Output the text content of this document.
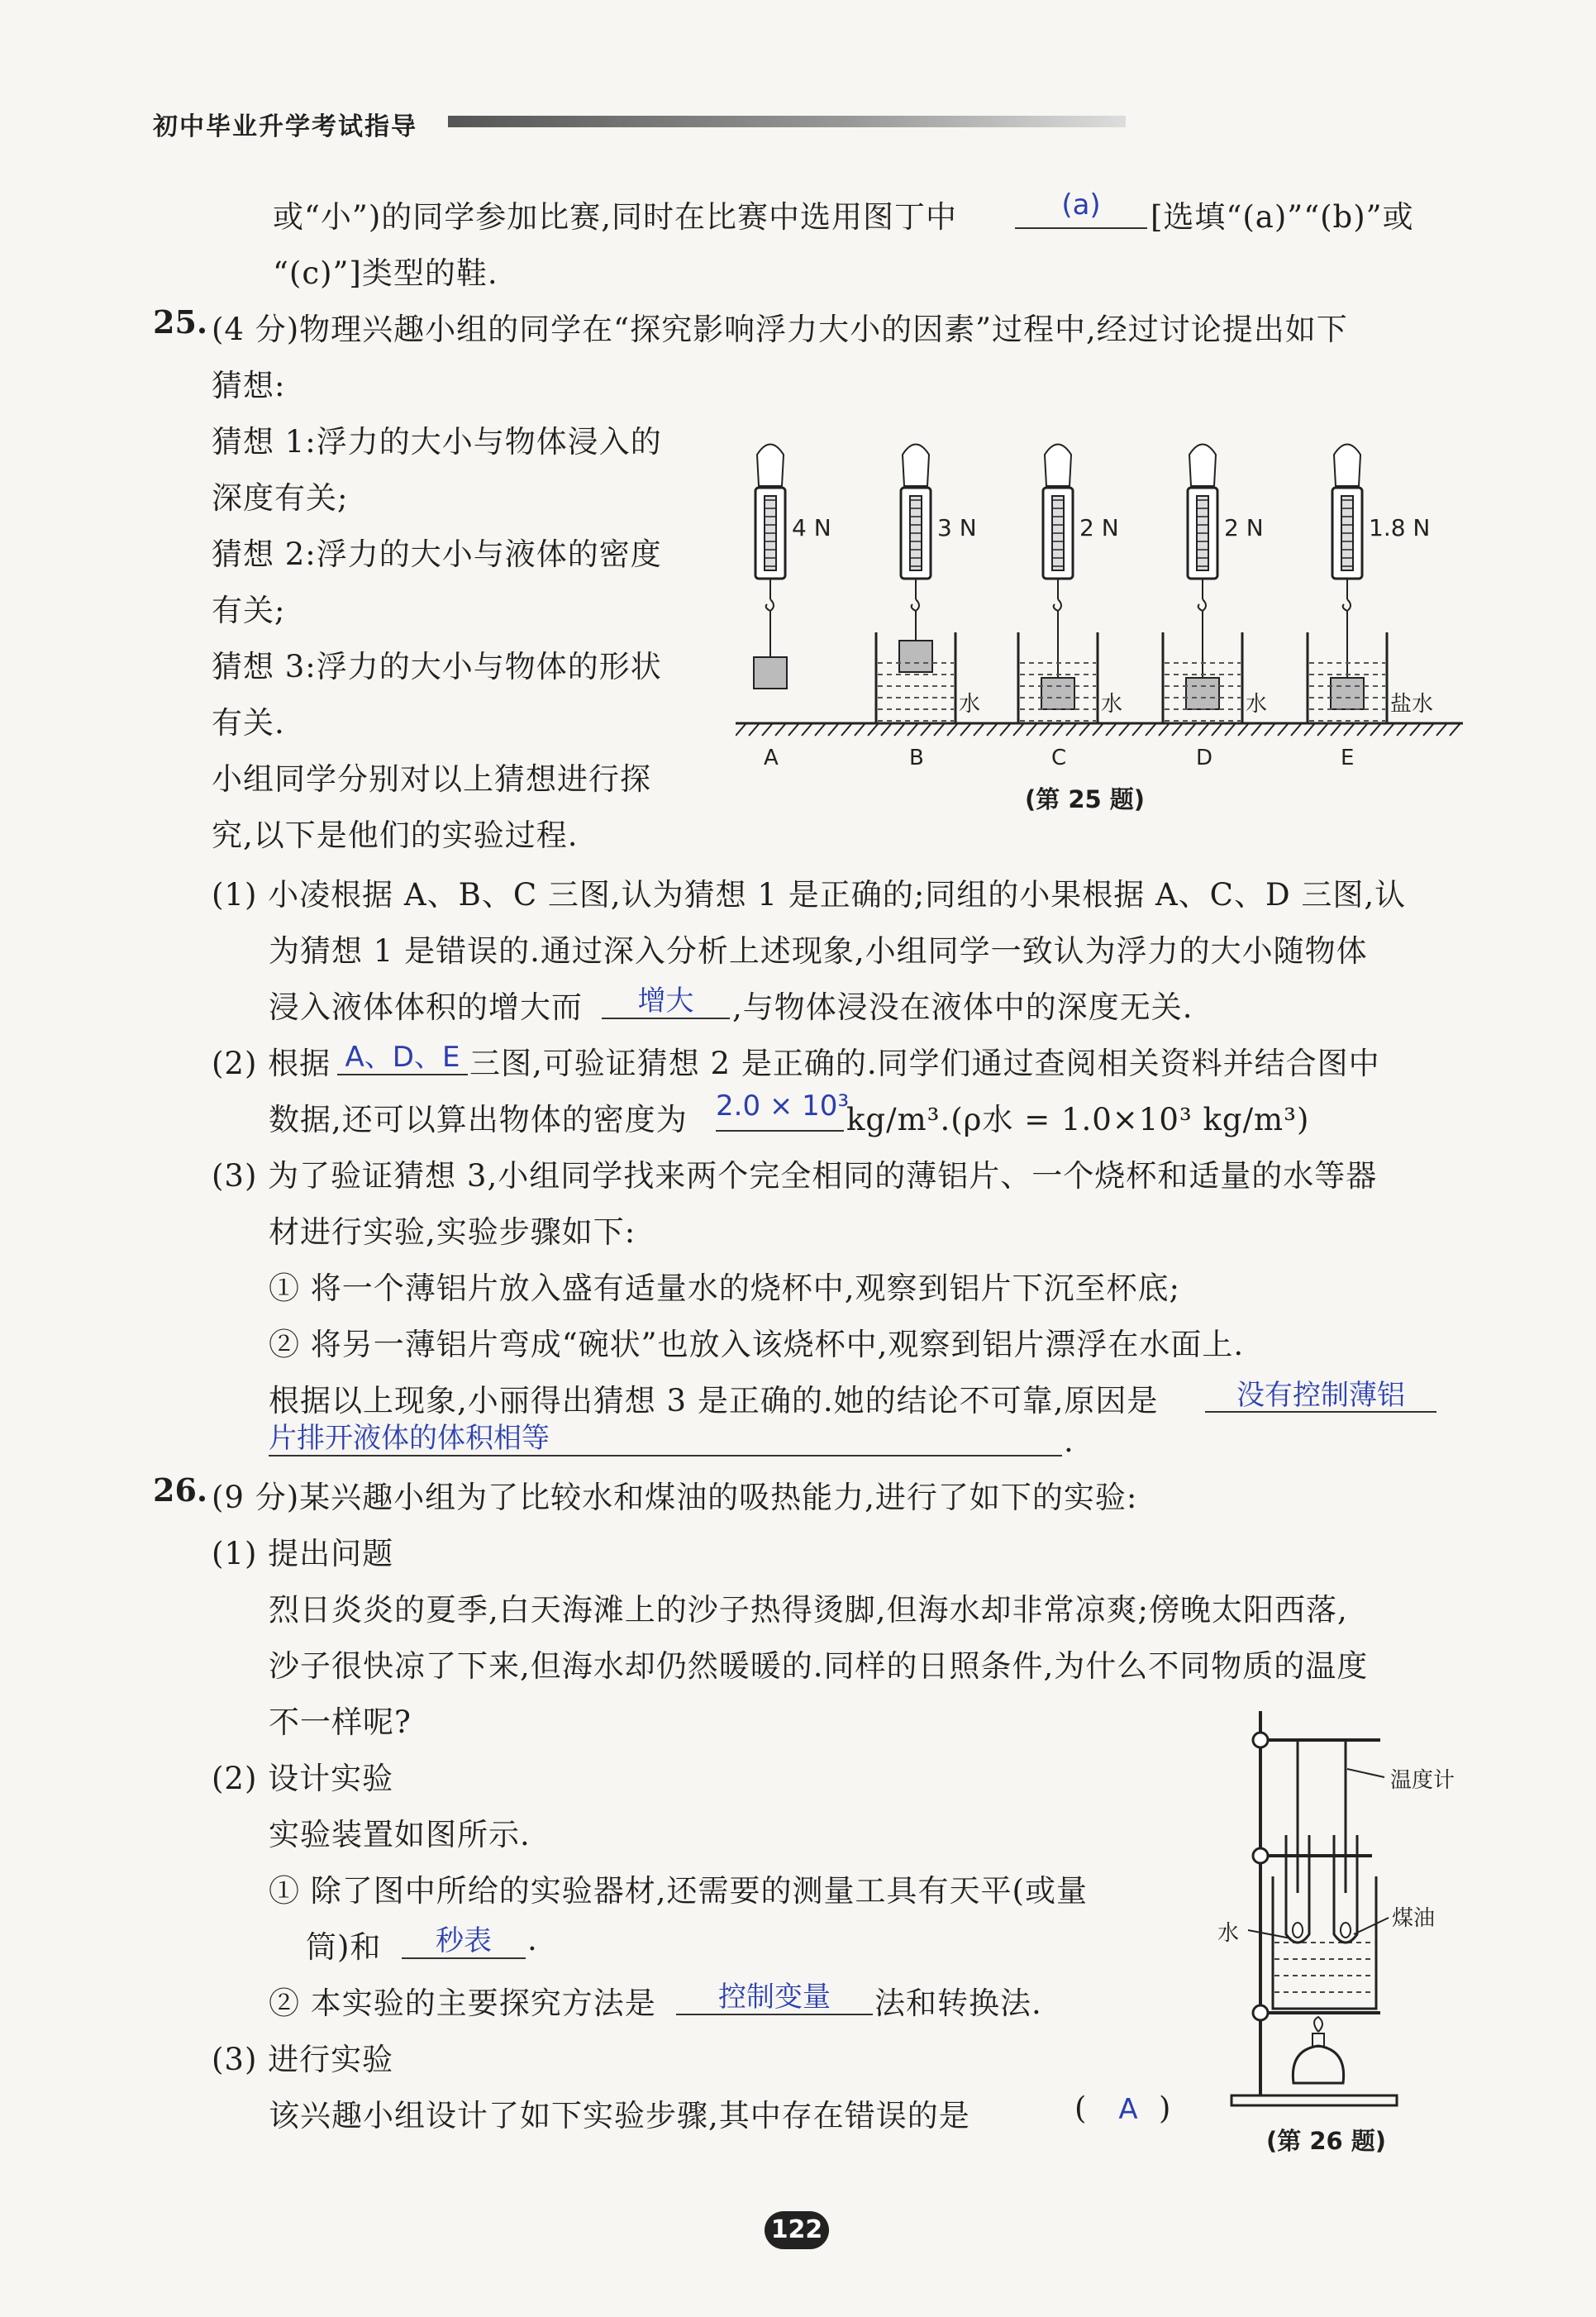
初中毕业升学考试指导
或“小”)的同学参加比赛,同时在比赛中选用图丁中	(a)	[选填“(a)”“(b)”或
“(c)”]类型的鞋.
25. (4 分)物理兴趣小组的同学在“探究影响浮力大小的因素”过程中,经过讨论提出如下
猜想:
猜想 1:浮力的大小与物体浸入的
深度有关;
猜想 2:浮力的大小与液体的密度
有关;
猜想 3:浮力的大小与物体的形状
有关.
小组同学分别对以上猜想进行探
究,以下是他们的实验过程.
4 N
A
3 N
B
水
2 N
C
水
2 N
D
水
1.8 N
E
盐水
(第 25 题)
(1) 小凌根据 A、B、C 三图,认为猜想 1 是正确的;同组的小果根据 A、C、D 三图,认
为猜想 1 是错误的.通过深入分析上述现象,小组同学一致认为浮力的大小随物体
浸入液体体积的增大而	增大	,与物体浸没在液体中的深度无关.
(2) 根据 A、D、E 三图,可验证猜想 2 是正确的.同学们通过查阅相关资料并结合图中
数据,还可以算出物体的密度为 2.0 × 10³
kg/m³.(ρ水 = 1.0×10³ kg/m³)
(3) 为了验证猜想 3,小组同学找来两个完全相同的薄铝片、一个烧杯和适量的水等器
材进行实验,实验步骤如下:
① 将一个薄铝片放入盛有适量水的烧杯中,观察到铝片下沉至杯底;
② 将另一薄铝片弯成“碗状”也放入该烧杯中,观察到铝片漂浮在水面上.
根据以上现象,小丽得出猜想 3 是正确的.她的结论不可靠,原因是	没有控制薄铝
片排开液体的体积相等	.
26. (9 分)某兴趣小组为了比较水和煤油的吸热能力,进行了如下的实验:
(1) 提出问题
烈日炎炎的夏季,白天海滩上的沙子热得烫脚,但海水却非常凉爽;傍晚太阳西落,
沙子很快凉了下来,但海水却仍然暖暖的.同样的日照条件,为什么不同物质的温度
不一样呢?
(2) 设计实验
实验装置如图所示.
① 除了图中所给的实验器材,还需要的测量工具有天平(或量
筒)和	秒表	.
② 本实验的主要探究方法是	控制变量	法和转换法.
(3) 进行实验
该兴趣小组设计了如下实验步骤,其中存在错误的是	(	A )
温度计
水
煤油
(第 26 题)
122
